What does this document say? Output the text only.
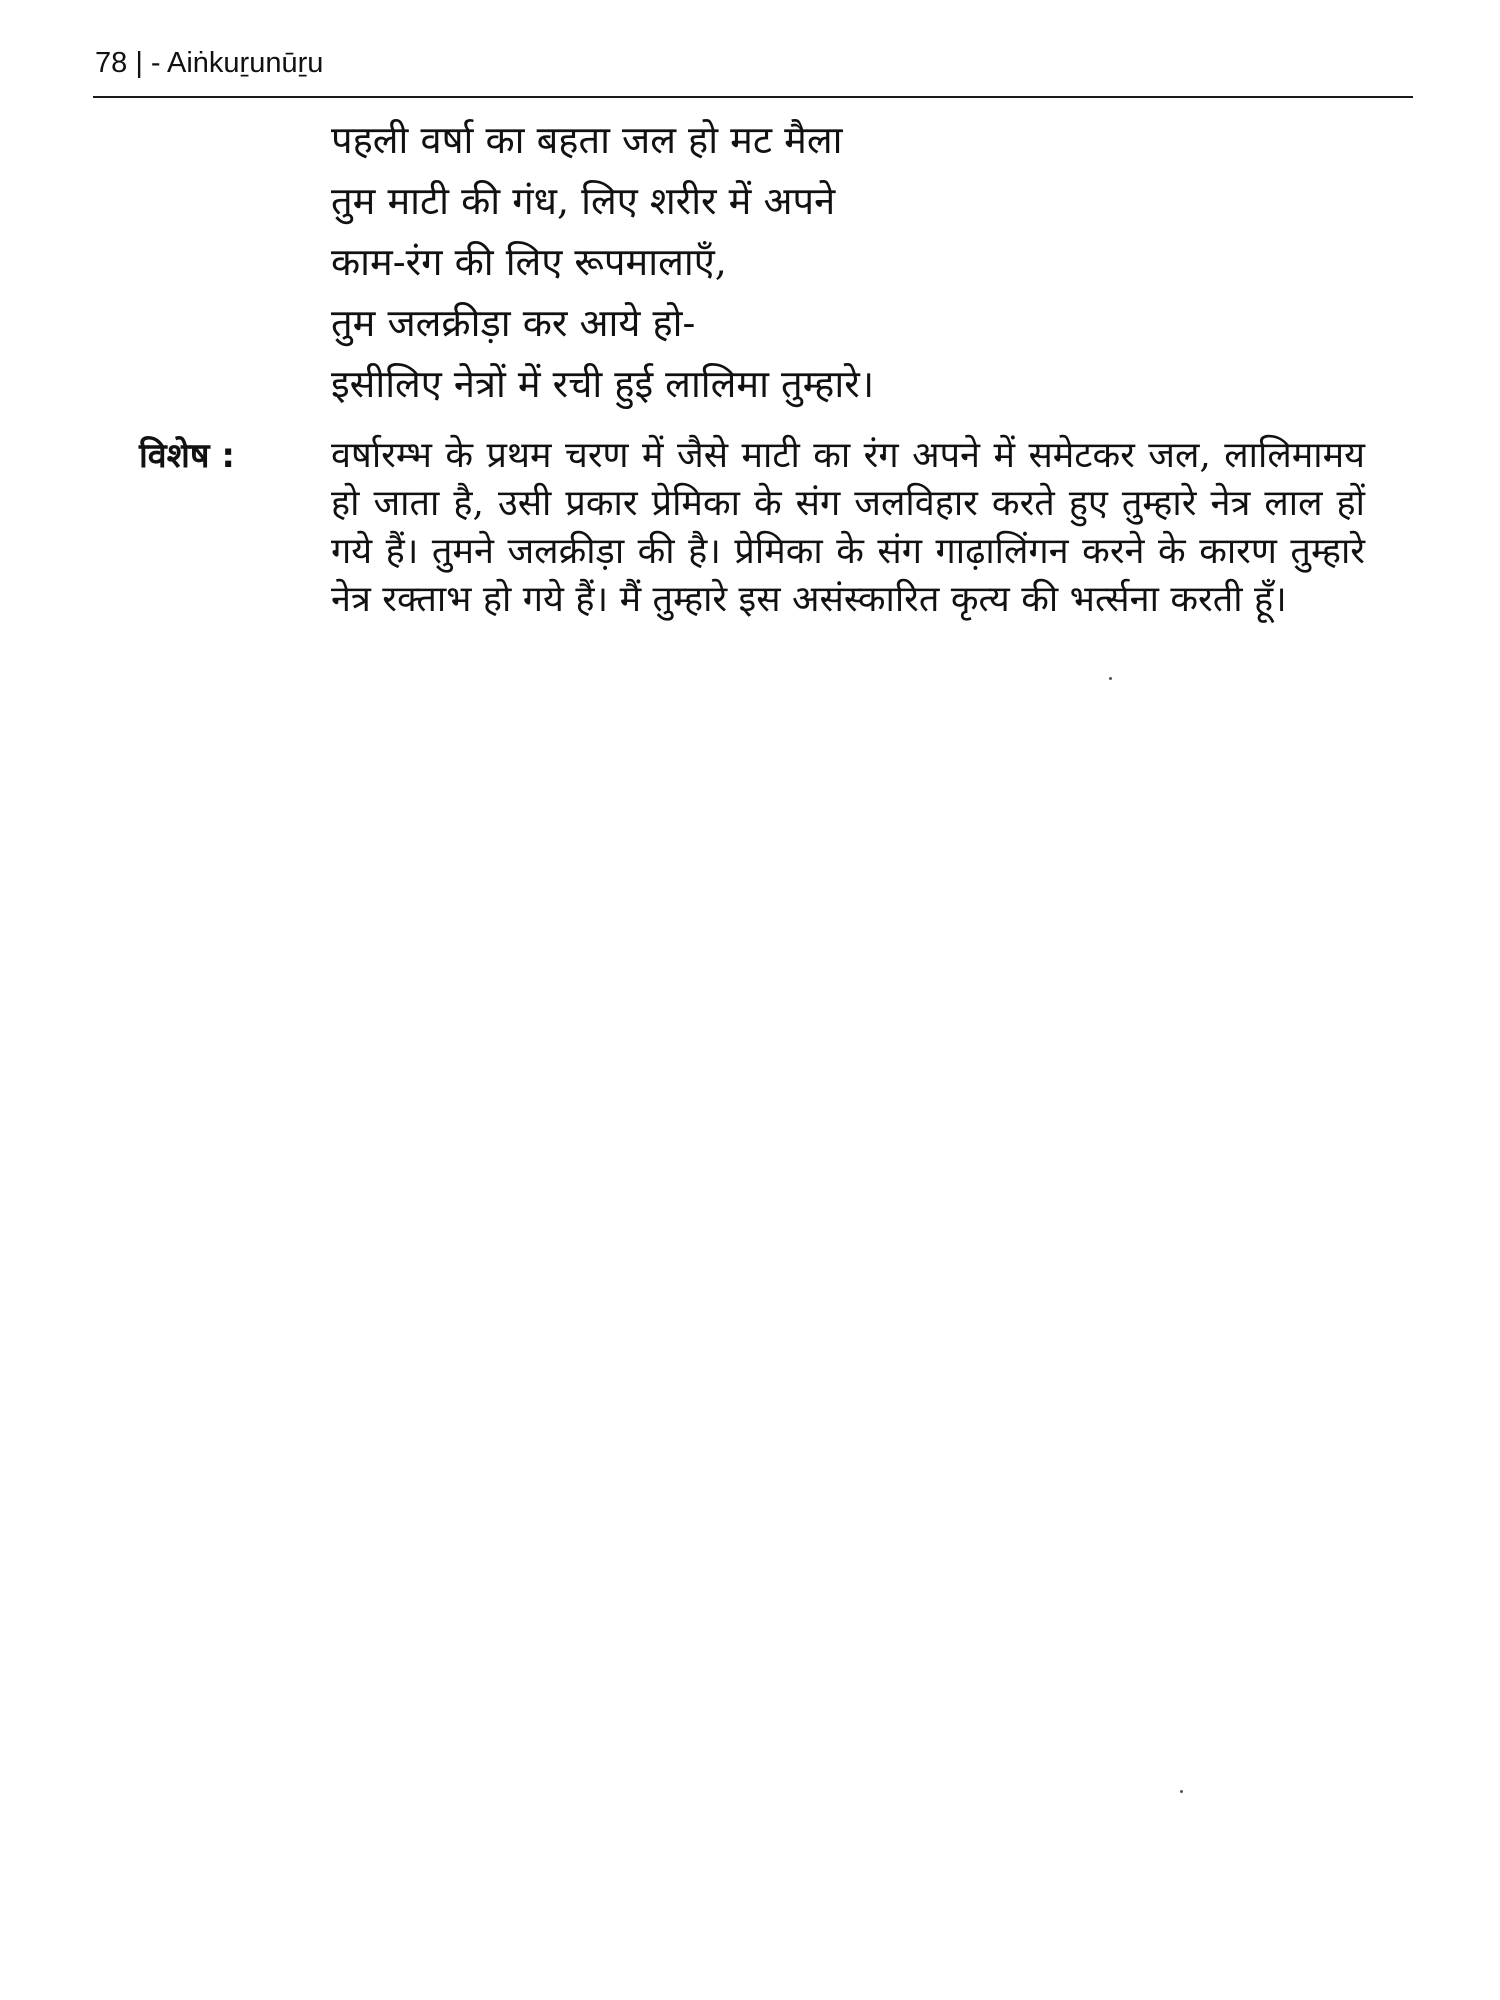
78 | - Aiṅkuṟunūṟu
पहली वर्षा का बहता जल हो मट मैला
तुम माटी की गंध, लिए शरीर में अपने
काम-रंग की लिए रूपमालाएँ,
तुम जलक्रीड़ा कर आये हो-
इसीलिए नेत्रों में रची हुई लालिमा तुम्हारे।
विशेष :	वर्षारम्भ के प्रथम चरण में जैसे माटी का रंग अपने में समेटकर जल, लालिमामय हो जाता है, उसी प्रकार प्रेमिका के संग जलविहार करते हुए तुम्हारे नेत्र लाल हों गये हैं। तुमने जलक्रीड़ा की है। प्रेमिका के संग गाढ़ालिंगन करने के कारण तुम्हारे नेत्र रक्ताभ हो गये हैं। मैं तुम्हारे इस असंस्कारित कृत्य की भर्त्सना करती हूँ।
